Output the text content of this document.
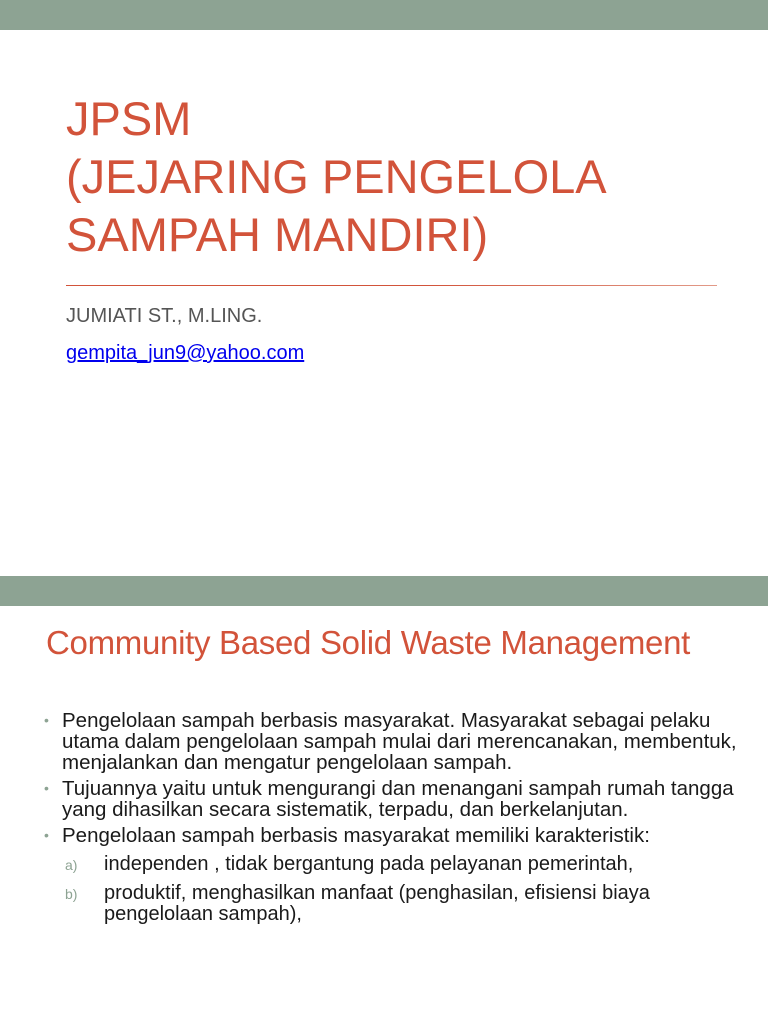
JPSM
(JEJARING PENGELOLA
SAMPAH MANDIRI)
JUMIATI ST., M.LING.
gempita_jun9@yahoo.com
Community Based Solid Waste Management
• Pengelolaan sampah berbasis masyarakat. Masyarakat sebagai pelaku utama dalam pengelolaan sampah mulai dari merencanakan, membentuk, menjalankan dan mengatur pengelolaan sampah.
• Tujuannya yaitu untuk mengurangi dan menangani sampah rumah tangga yang dihasilkan secara sistematik, terpadu, dan berkelanjutan.
• Pengelolaan sampah berbasis masyarakat memiliki karakteristik:
a) independen , tidak bergantung pada pelayanan pemerintah,
b) produktif, menghasilkan manfaat (penghasilan, efisiensi biaya pengelolaan sampah),
